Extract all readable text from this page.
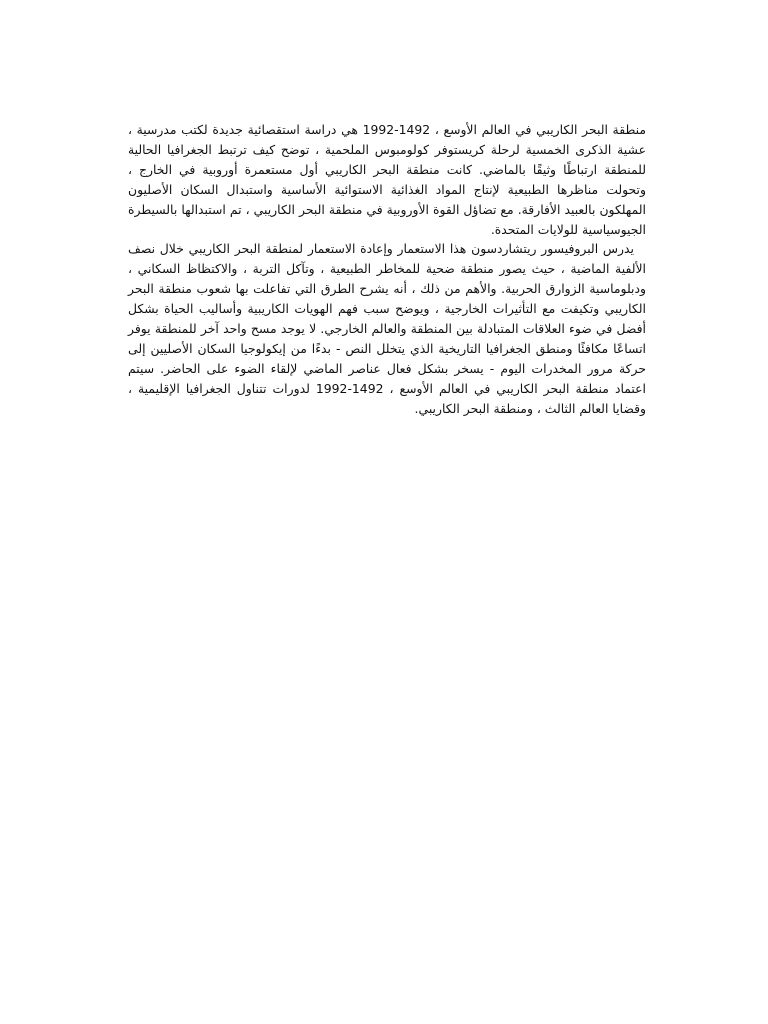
منطقة البحر الكاريبي في العالم الأوسع ، 1492-1992 هي دراسة استقصائية جديدة لكتب مدرسية ، عشية الذكرى الخمسية لرحلة كريستوفر كولومبوس الملحمية ، توضح كيف ترتبط الجغرافيا الحالية للمنطقة ارتباطًا وثيقًا بالماضي. كانت منطقة البحر الكاريبي أول مستعمرة أوروبية في الخارج ، وتحولت مناظرها الطبيعية لإنتاج المواد الغذائية الاستوائية الأساسية واستبدال السكان الأصليون المهلكون بالعبيد الأفارقة. مع تضاؤل القوة الأوروبية في منطقة البحر الكاريبي ، تم استبدالها بالسيطرة الجيوسياسية للولايات المتحدة.

يدرس البروفيسور ريتشاردسون هذا الاستعمار وإعادة الاستعمار لمنطقة البحر الكاريبي خلال نصف الألفية الماضية ، حيث يصور منطقة ضحية للمخاطر الطبيعية ، وتآكل التربة ، والاكتظاظ السكاني ، ودبلوماسية الزوارق الحربية. والأهم من ذلك ، أنه يشرح الطرق التي تفاعلت بها شعوب منطقة البحر الكاريبي وتكيفت مع التأثيرات الخارجية ، ويوضح سبب فهم الهويات الكاريبية وأساليب الحياة بشكل أفضل في ضوء العلاقات المتبادلة بين المنطقة والعالم الخارجي. لا يوجد مسح واحد آخر للمنطقة يوفر اتساعًا مكافئًا ومنطق الجغرافيا التاريخية الذي يتخلل النص - بدءًا من إيكولوجيا السكان الأصليين إلى حركة مرور المخدرات اليوم - يسخر بشكل فعال عناصر الماضي لإلقاء الضوء على الحاضر. سيتم اعتماد منطقة البحر الكاريبي في العالم الأوسع ، 1492-1992 لدورات تتناول الجغرافيا الإقليمية ، وقضايا العالم الثالث ، ومنطقة البحر الكاريبي.
